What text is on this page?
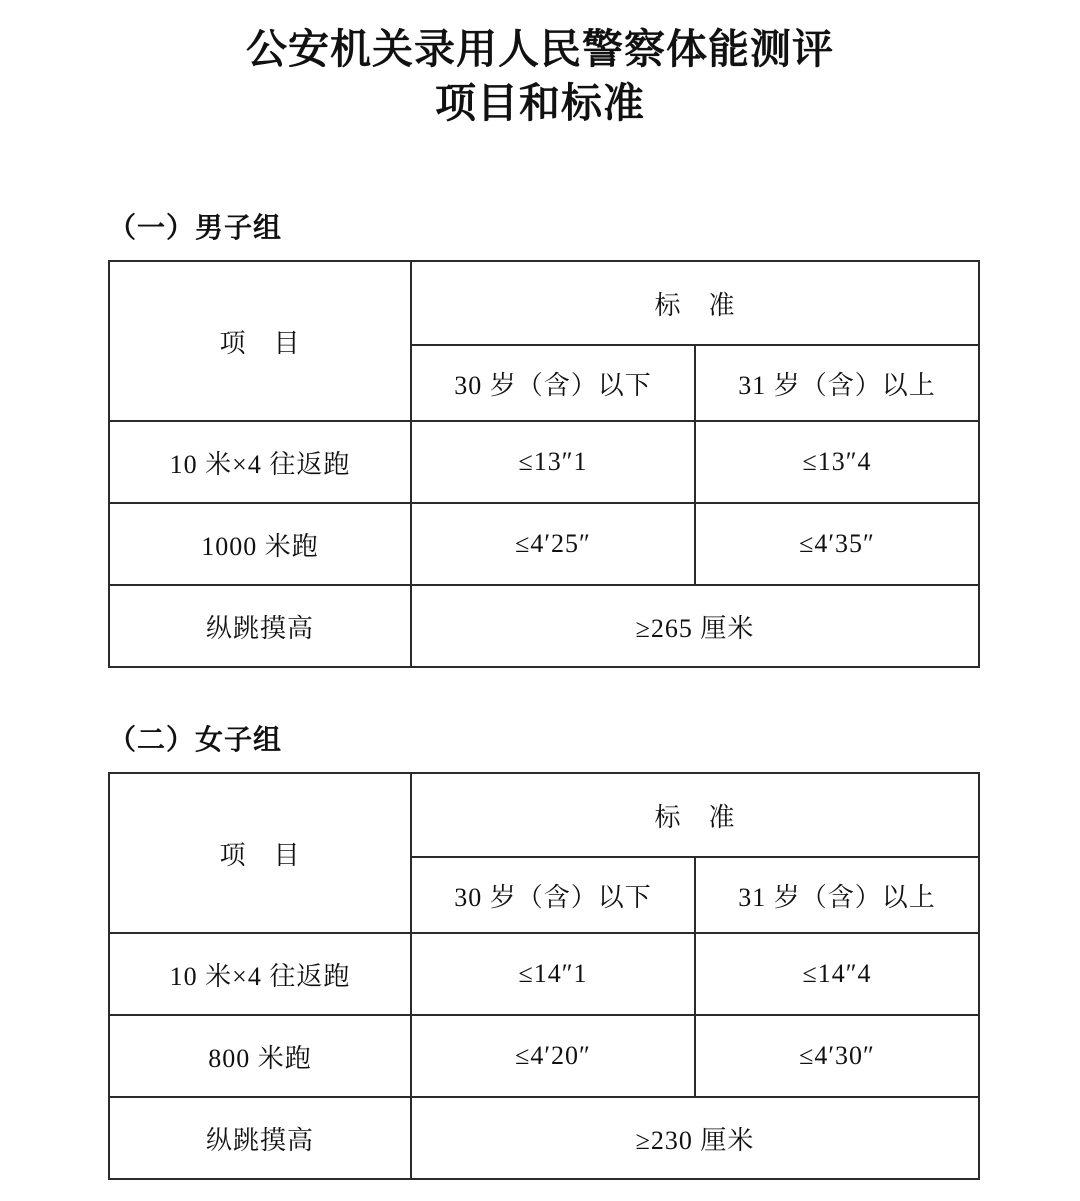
公安机关录用人民警察体能测评
项目和标准
（一）男子组
项　目	标　准	
	30 岁（含）以下	31 岁（含）以上
10 米×4 往返跑	≤13″1	≤13″4
1000 米跑	≤4′25″	≤4′35″
纵跳摸高	≥265 厘米	
（二）女子组
项　目	标　准	
	30 岁（含）以下	31 岁（含）以上
10 米×4 往返跑	≤14″1	≤14″4
800 米跑	≤4′20″	≤4′30″
纵跳摸高	≥230 厘米	
